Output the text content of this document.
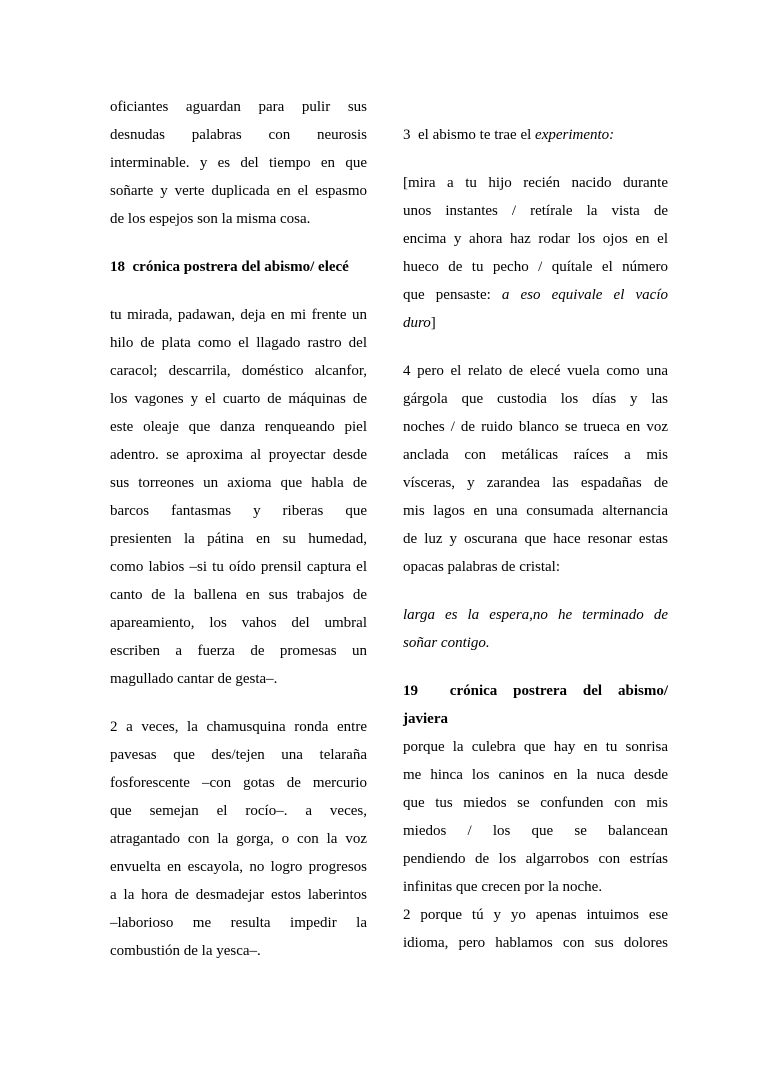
oficiantes aguardan para pulir sus
desnudas palabras con neurosis
interminable. y es del tiempo en que
soñarte y verte duplicada en el espasmo
de los espejos son la misma cosa.
18  crónica postrera del abismo/ elecé
tu mirada, padawan, deja en mi frente un
hilo de plata como el llagado rastro del
caracol; descarrila, doméstico alcanfor,
los vagones y el cuarto de máquinas de
este oleaje que danza renqueando piel
adentro. se aproxima al proyectar desde
sus torreones un axioma que habla de
barcos fantasmas y riberas que
presienten la pátina en su humedad,
como labios –si tu oído prensil captura el
canto de la ballena en sus trabajos de
apareamiento, los vahos del umbral
escriben a fuerza de promesas un
magullado cantar de gesta–.
2 a veces, la chamusquina ronda entre
pavesas que des/tejen una telaraña
fosforescente –con gotas de mercurio
que semejan el rocío–. a veces,
atragantado con la gorga, o con la voz
envuelta en escayola, no logro progresos
a la hora de desmadejar estos laberintos
–laborioso me resulta impedir la
combustión de la yesca–.
3  el abismo te trae el experimento:
[mira a tu hijo recién nacido durante
unos instantes / retírale la vista de
encima y ahora haz rodar los ojos en el
hueco de tu pecho / quítale el número
que pensaste: a eso equivale el vacío
duro]
4 pero el relato de elecé vuela como una
gárgola que custodia los días y las
noches / de ruido blanco se trueca en voz
anclada con metálicas raíces a mis
vísceras, y zarandea las espadañas de
mis lagos en una consumada alternancia
de luz y oscurana que hace resonar estas
opacas palabras de cristal:
larga es la espera,no he terminado de
soñar contigo.
19  crónica postrera del abismo/
javiera
porque la culebra que hay en tu sonrisa
me hinca los caninos en la nuca desde
que tus miedos se confunden con mis
miedos / los que se balancean
pendiendo de los algarrobos con estrías
infinitas que crecen por la noche.
2 porque tú y yo apenas intuimos ese
idioma, pero hablamos con sus dolores
